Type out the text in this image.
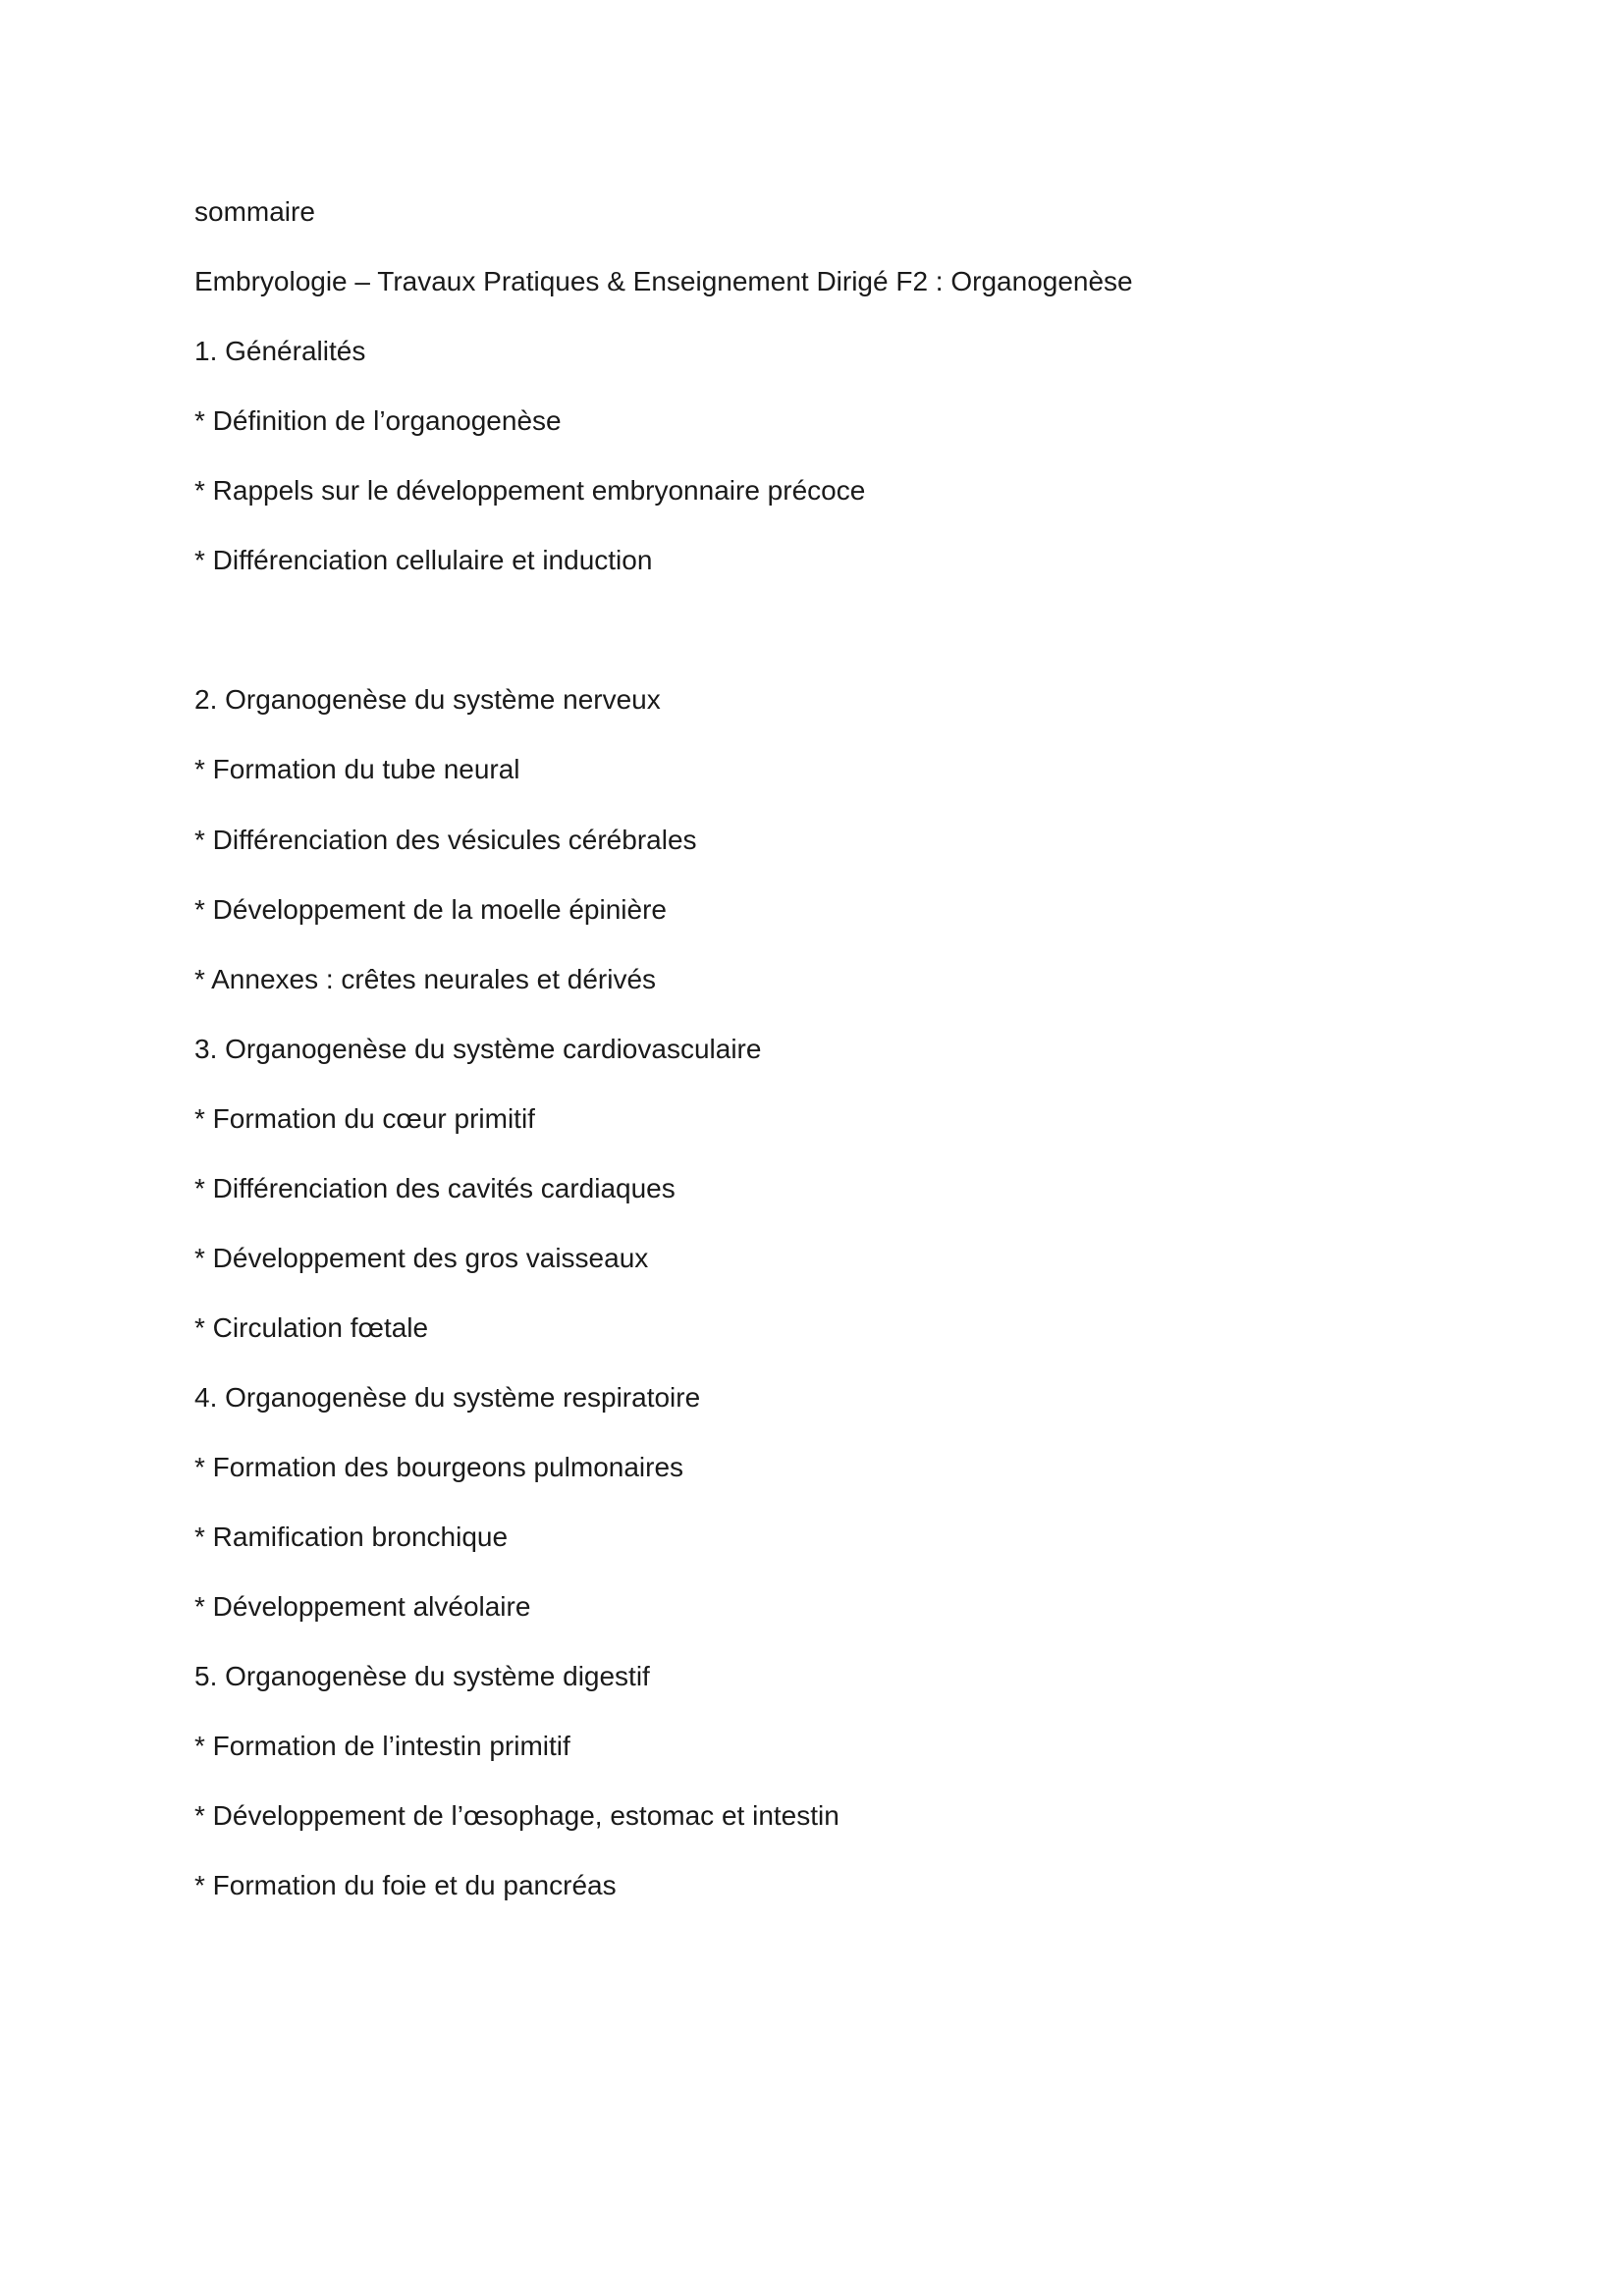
sommaire
Embryologie – Travaux Pratiques & Enseignement Dirigé F2 : Organogenèse
1. Généralités
* Définition de l’organogenèse
* Rappels sur le développement embryonnaire précoce
* Différenciation cellulaire et induction
2. Organogenèse du système nerveux
* Formation du tube neural
* Différenciation des vésicules cérébrales
* Développement de la moelle épinière
* Annexes : crêtes neurales et dérivés
3. Organogenèse du système cardiovasculaire
* Formation du cœur primitif
* Différenciation des cavités cardiaques
* Développement des gros vaisseaux
* Circulation fœtale
4. Organogenèse du système respiratoire
* Formation des bourgeons pulmonaires
* Ramification bronchique
* Développement alvéolaire
5. Organogenèse du système digestif
* Formation de l’intestin primitif
* Développement de l’œsophage, estomac et intestin
* Formation du foie et du pancréas
